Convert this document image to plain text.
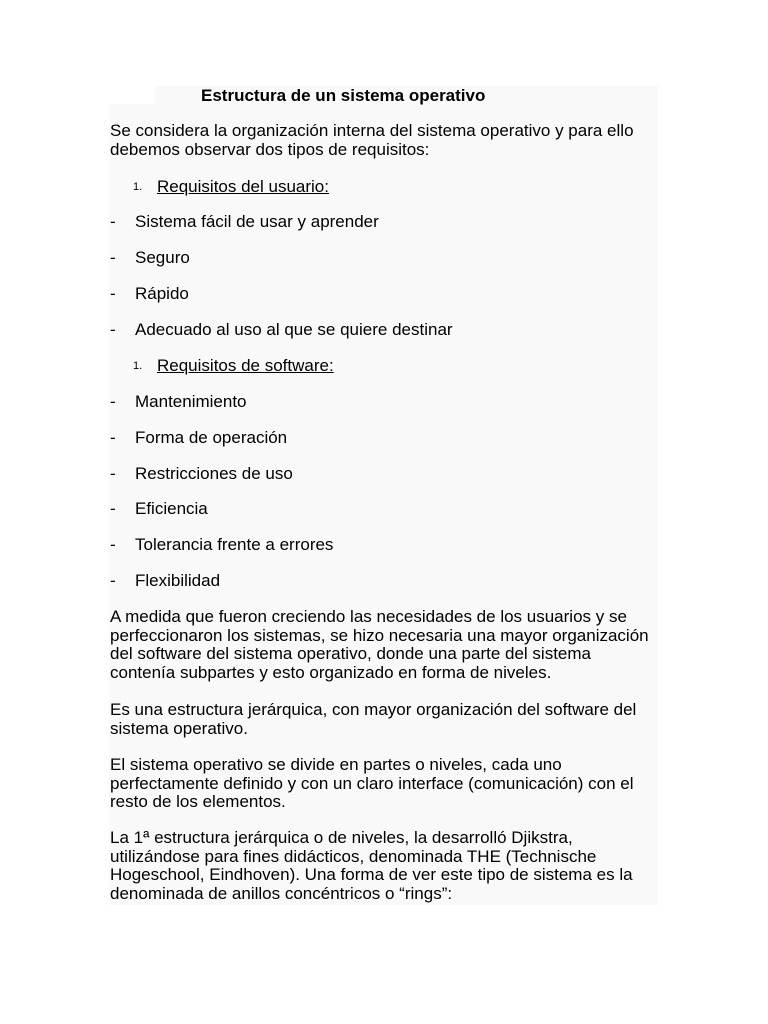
Estructura de un sistema operativo

Se considera la organización interna del sistema operativo y para ello debemos observar dos tipos de requisitos:

1. Requisitos del usuario:
- Sistema fácil de usar y aprender
- Seguro
- Rápido
- Adecuado al uso al que se quiere destinar
1. Requisitos de software:
- Mantenimiento
- Forma de operación
- Restricciones de uso
- Eficiencia
- Tolerancia frente a errores
- Flexibilidad

A medida que fueron creciendo las necesidades de los usuarios y se perfeccionaron los sistemas, se hizo necesaria una mayor organización del software del sistema operativo, donde una parte del sistema contenía subpartes y esto organizado en forma de niveles.

Es una estructura jerárquica, con mayor organización del software del sistema operativo.

El sistema operativo se divide en partes o niveles, cada uno perfectamente definido y con un claro interface (comunicación) con el resto de los elementos.

La 1ª estructura jerárquica o de niveles, la desarrolló Djikstra, utilizándose para fines didácticos, denominada THE (Technische Hogeschool, Eindhoven). Una forma de ver este tipo de sistema es la denominada de anillos concéntricos o “rings”:
